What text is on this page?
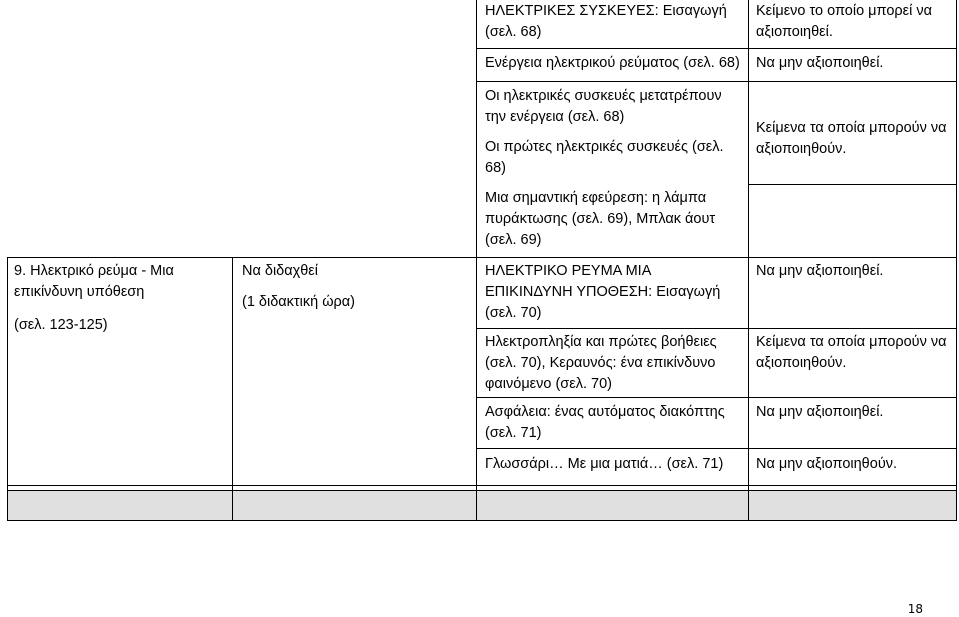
ΗΛΕΚΤΡΙΚΕΣ ΣΥΣΚΕΥΕΣ: Εισαγωγή
(σελ. 68)
Κείμενο το οποίο μπορεί να
αξιοποιηθεί.
Ενέργεια ηλεκτρικού ρεύματος (σελ. 68)	Να μην αξιοποιηθεί.
Οι ηλεκτρικές συσκευές μετατρέπουν
την ενέργεια (σελ. 68)
Οι πρώτες ηλεκτρικές συσκευές (σελ.
68)
Κείμενα τα οποία μπορούν να
αξιοποιηθούν.
Μια σημαντική εφεύρεση: η λάμπα
πυράκτωσης (σελ. 69), Μπλακ άουτ
(σελ. 69)
9. Ηλεκτρικό ρεύμα - Μια
επικίνδυνη υπόθεση
(σελ. 123-125)
Να διδαχθεί
(1 διδακτική ώρα)
ΗΛΕΚΤΡΙΚΟ ΡΕΥΜΑ ΜΙΑ
ΕΠΙΚΙΝΔΥΝΗ ΥΠΟΘΕΣΗ: Εισαγωγή
(σελ. 70)
Να μην αξιοποιηθεί.
Ηλεκτροπληξία και πρώτες βοήθειες
(σελ. 70), Κεραυνός: ένα επικίνδυνο
φαινόμενο (σελ. 70)
Κείμενα τα οποία μπορούν να
αξιοποιηθούν.
Ασφάλεια: ένας αυτόματος διακόπτης
(σελ. 71)
Να μην αξιοποιηθεί.
Γλωσσάρι… Με μια ματιά… (σελ. 71)	Να μην αξιοποιηθούν.
18
